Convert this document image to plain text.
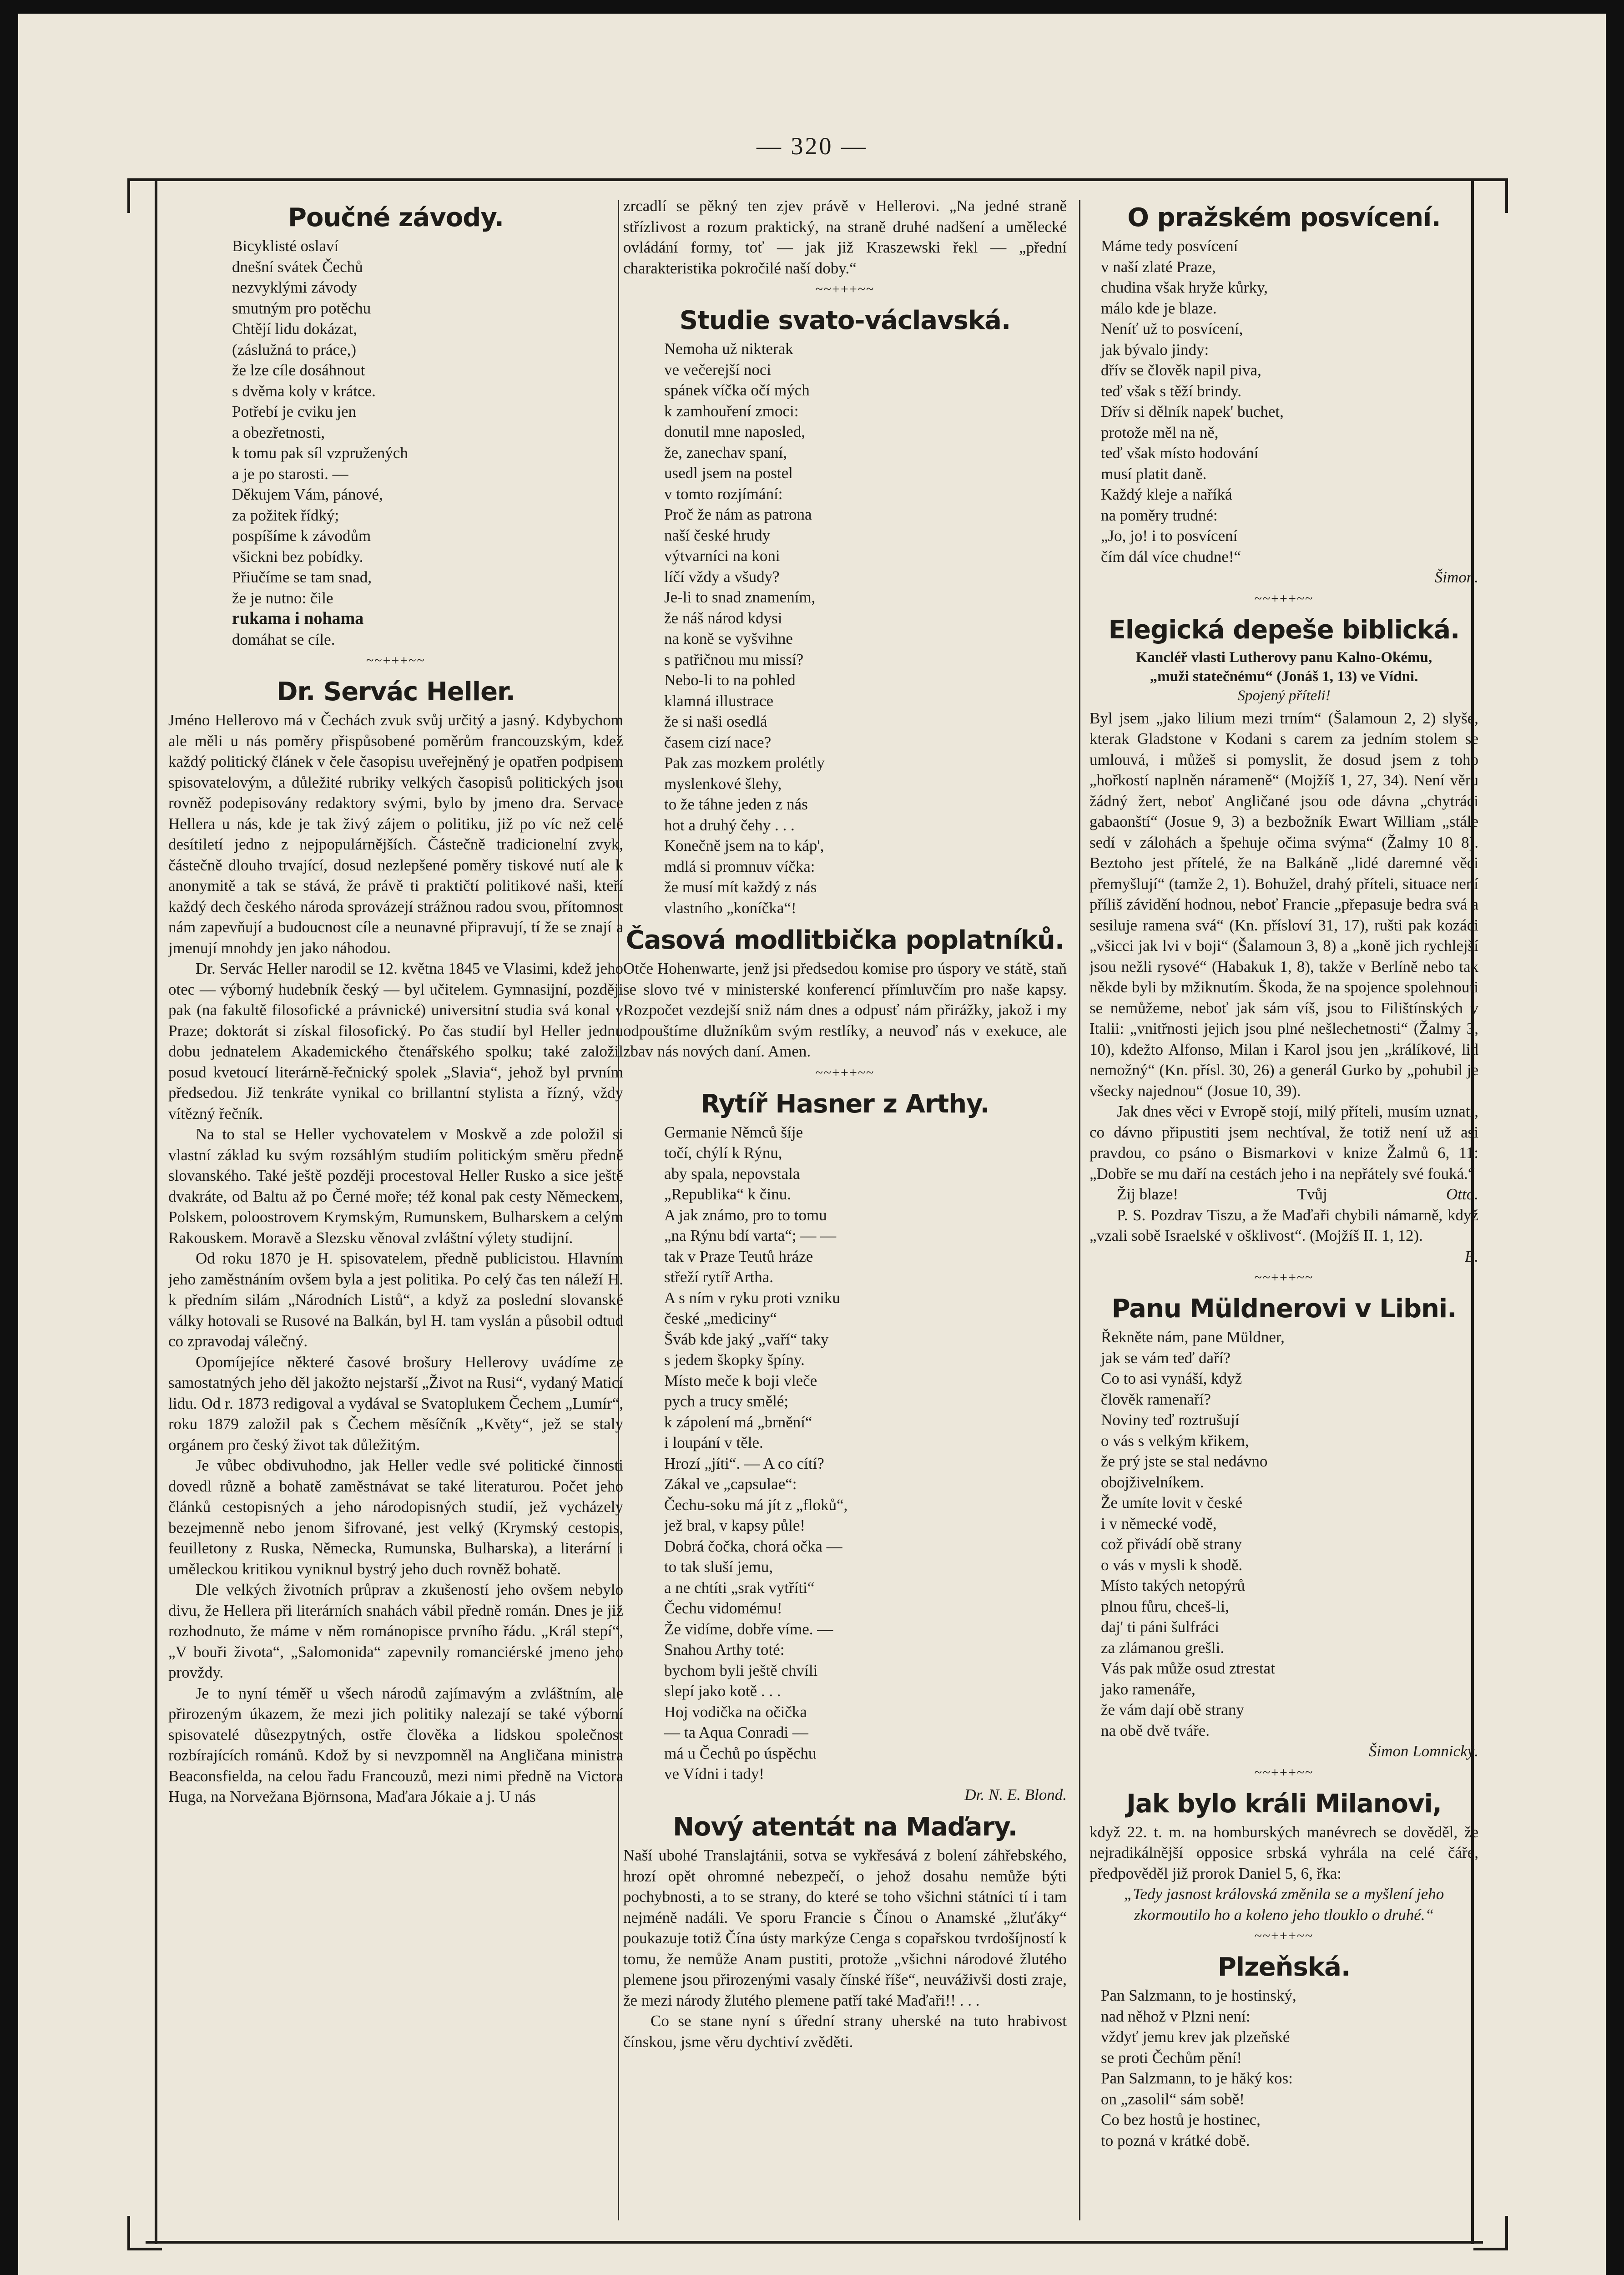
— 320 —
Poučné závody.

Bicyklisté oslaví

dnešní svátek Čechů

nezvyklými závody

smutným pro potěchu

Chtějí lidu dokázat,

(záslužná to práce,)

že lze cíle dosáhnout

s dvěma koly v krátce.

Potřebí je cviku jen

a obezřetnosti,

k tomu pak síl vzpružených

a je po starosti. —

Děkujem Vám, pánové,

za požitek řídký;

pospíšíme k závodům

všickni bez pobídky.

Přiučíme se tam snad,

že je nutno: čile

rukama i nohama

domáhat se cíle.

~~+++~~
Dr. Servác Heller.

Jméno Hellerovo má v Čechách zvuk svůj určitý a jasný. Kdybychom ale měli u nás poměry přispůsobené poměrům francouzským, kdež každý politický článek v čele časopisu uveřejněný je opatřen podpisem spisovatelovým, a důležité rubriky velkých časopisů politických jsou rovněž podepisovány redaktory svými, bylo by jmeno dra. Servace Hellera u nás, kde je tak živý zájem o politiku, již po víc než celé desítiletí jedno z nejpopulárnějších. Částečně tradicionelní zvyk, částečně dlouho trvající, dosud nezlepšené poměry tiskové nutí ale k anonymitě a tak se stává, že právě ti praktičtí politikové naši, kteří každý dech českého národa sprovázejí strážnou radou svou, přítomnost nám zapevňují a budoucnost cíle a neunavné připravují, tí že se znají a jmenují mnohdy jen jako náhodou.

Dr. Servác Heller narodil se 12. května 1845 ve Vlasimi, kdež jeho otec — výborný hudebník český — byl učitelem. Gymnasijní, později pak (na fakultě filosofické a právnické) universitní studia svá konal v Praze; doktorát si získal filosofický. Po čas studií byl Heller jednu dobu jednatelem Akademického čtenářského spolku; také založil posud kvetoucí literárně-řečnický spolek „Slavia“, jehož byl prvním předsedou. Již tenkráte vynikal co brillantní stylista a řízný, vždy vítězný řečník.

Na to stal se Heller vychovatelem v Moskvě a zde položil si vlastní základ ku svým rozsáhlým studiím politickým směru předně slovanského. Také ještě později procestoval Heller Rusko a sice ještě dvakráte, od Baltu až po Černé moře; též konal pak cesty Německem, Polskem, poloostrovem Krymským, Rumunskem, Bulharskem a celým Rakouskem. Moravě a Slezsku věnoval zvláštní výlety studijní.

Od roku 1870 je H. spisovatelem, předně publicistou. Hlavním jeho zaměstnáním ovšem byla a jest politika. Po celý čas ten náleží H. k předním silám „Národních Listů“, a když za poslední slovanské války hotovali se Rusové na Balkán, byl H. tam vyslán a působil odtud co zpravodaj válečný.

Opomíjejíce některé časové brošury Hellerovy uvádíme ze samostatných jeho děl jakožto nejstarší „Život na Rusi“, vydaný Maticí lidu. Od r. 1873 redigoval a vydával se Svatoplukem Čechem „Lumír“, roku 1879 založil pak s Čechem měsíčník „Květy“, jež se staly orgánem pro český život tak důležitým.

Je vůbec obdivuhodno, jak Heller vedle své politické činnosti dovedl různě a bohatě zaměstnávat se také literaturou. Počet jeho článků cestopisných a jeho národopisných studií, jež vycházely bezejmenně nebo jenom šifrované, jest velký (Krymský cestopis, feuilletony z Ruska, Německa, Rumunska, Bulharska), a literární i uměleckou kritikou vyniknul bystrý jeho duch rovněž bohatě.

Dle velkých životních průprav a zkušeností jeho ovšem nebylo divu, že Hellera při literárních snahách vábil předně román. Dnes je již rozhodnuto, že máme v něm románopisce prvního řádu. „Král stepí“, „V bouři života“, „Salomonida“ zapevnily romanciérské jmeno jeho provždy.

Je to nyní téměř u všech národů zajímavým a zvláštním, ale přirozeným úkazem, že mezi jich politiky nalezají se také výborní spisovatelé důsezpytných, ostře člověka a lidskou společnost rozbírajících románů. Kdož by si nevzpomněl na Angličana ministra Beaconsfielda, na celou řadu Francouzů, mezi nimi předně na Victora Huga, na Norvežana Björnsona, Maďara Jókaie a j. U nás

zrcadlí se pěkný ten zjev právě v Hellerovi. „Na jedné straně střízlivost a rozum praktický, na straně druhé nadšení a umělecké ovládání formy, toť — jak již Kraszewski řekl — „přední charakteristika pokročilé naší doby.“

~~+++~~
Studie svato-václavská.

Nemoha už nikterak

ve večerejší noci

spánek víčka očí mých

k zamhouření zmoci:

donutil mne naposled,

že, zanechav spaní,

usedl jsem na postel

v tomto rozjímání:

Proč že nám as patrona

naší české hrudy

výtvarníci na koni

líčí vždy a všudy?

Je-li to snad znamením,

že náš národ kdysi

na koně se vyšvihne

s patřičnou mu missí?

Nebo-li to na pohled

klamná illustrace

že si naši osedlá

časem cizí nace?

Pak zas mozkem prolétly

myslenkové šlehy,

to že táhne jeden z nás

hot a druhý čehy . . .

Konečně jsem na to káp',

mdlá si promnuv víčka:

že musí mít každý z nás

vlastního „koníčka“!

Časová modlitbička poplatníků.

Otče Hohenwarte, jenž jsi předsedou komise pro úspory ve státě, staň se slovo tvé v ministerské konferencí přímluvčím pro naše kapsy. Rozpočet vezdejší sniž nám dnes a odpusť nám přirážky, jakož i my odpouštíme dlužníkům svým restlíky, a neuvoď nás v exekuce, ale zbav nás nových daní. Amen.

~~+++~~
Rytíř Hasner z Arthy.

Germanie Němců šíje

točí, chýlí k Rýnu,

aby spala, nepovstala

„Republika“ k činu.

A jak známo, pro to tomu

„na Rýnu bdí varta“; — —

tak v Praze Teutů hráze

střeží rytíř Artha.

A s ním v ryku proti vzniku

české „mediciny“

Šváb kde jaký „vaří“ taky

s jedem škopky špíny.

Místo meče k boji vleče

pych a trucy smělé;

k zápolení má „brnění“

i loupání v těle.

Hrozí „jíti“. — A co cítí?

Zákal ve „capsulae“:

Čechu-soku má jít z „floků“,

jež bral, v kapsy půle!

Dobrá čočka, chorá očka —

to tak sluší jemu,

a ne chtíti „srak vytříti“

Čechu vidomému!

Že vidíme, dobře víme. —

Snahou Arthy toté:

bychom byli ještě chvíli

slepí jako kotě . . .

Hoj vodička na očička

— ta Aqua Conradi —

má u Čechů po úspěchu

ve Vídni i tady!

Dr. N. E. Blond.

Nový atentát na Maďary.

Naší ubohé Translajtánii, sotva se vykřesává z bolení záhřebského, hrozí opět ohromné nebezpečí, o jehož dosahu nemůže býti pochybnosti, a to se strany, do které se toho všichni státníci tí i tam nejméně nadáli. Ve sporu Francie s Čínou o Anamské „žluťáky“ poukazuje totiž Čína ústy markýze Cenga s copařskou tvrdošíjností k tomu, že nemůže Anam pustiti, protože „všichni národové žlutého plemene jsou přirozenými vasaly čínské říše“, neuváživši dosti zraje, že mezi národy žlutého plemene patří také Maďaři!! . . .

Co se stane nyní s úřední strany uherské na tuto hrabivost čínskou, jsme věru dychtiví zvěděti.

O pražském posvícení.

Máme tedy posvícení

v naší zlaté Praze,

chudina však hryže kůrky,

málo kde je blaze.

Neníť už to posvícení,

jak bývalo jindy:

dřív se člověk napil piva,

teď však s těží brindy.

Dřív si dělník napek' buchet,

protože měl na ně,

teď však místo hodování

musí platit daně.

Každý kleje a naříká

na poměry trudné:

„Jo, jo! i to posvícení

čím dál více chudne!“

Šimon.

~~+++~~
Elegická depeše biblická.

Kancléř vlasti Lutherovy panu Kalno-Okému,

„muži statečnému“ (Jonáš 1, 13) ve Vídni.

Spojený příteli!

Byl jsem „jako lilium mezi trním“ (Šalamoun 2, 2) slyše, kterak Gladstone v Kodani s carem za jedním stolem se umlouvá, i můžeš si pomyslit, že dosud jsem z toho „hořkostí naplněn nárameně“ (Mojžíš 1, 27, 34). Není věru žádný žert, neboť Angličané jsou ode dávna „chytráci gabaonští“ (Josue 9, 3) a bezbožník Ewart William „stále sedí v zálohách a špehuje očima svýma“ (Žalmy 10 8). Beztoho jest přítelé, že na Balkáně „lidé daremné věci přemyšlují“ (tamže 2, 1). Bohužel, drahý příteli, situace není příliš závidění hodnou, neboť Francie „přepasuje bedra svá a sesiluje ramena svá“ (Kn. přísloví 31, 17), rušti pak kozáci „všicci jak lvi v boji“ (Šalamoun 3, 8) a „koně jich rychlejší jsou nežli rysové“ (Habakuk 1, 8), takže v Berlíně nebo tak někde byli by mžiknutím. Škoda, že na spojence spolehnouti se nemůžeme, neboť jak sám víš, jsou to Filištínských v Italii: „vnitřnosti jejich jsou plné nešlechetnosti“ (Žalmy 3, 10), kdežto Alfonso, Milan i Karol jsou jen „králíkové, lid nemožný“ (Kn. přísl. 30, 26) a generál Gurko by „pohubil je všecky najednou“ (Josue 10, 39).

Jak dnes věci v Evropě stojí, milý příteli, musím uznati, co dávno připustiti jsem nechtíval, že totiž není už asi pravdou, co psáno o Bismarkovi v knize Žalmů 6, 11: „Dobře se mu daří na cestách jeho i na nepřátely své fouká.“

Žij blaze!	Tvůj	Otto.

P. S. Pozdrav Tiszu, a že Maďaři chybili námarně, když „vzali sobě Israelské v ošklivost“. (Mojžíš II. 1, 12).

B.

~~+++~~
Panu Müldnerovi v Libni.

Řekněte nám, pane Müldner,

jak se vám teď daří?

Co to asi vynáší, když

člověk ramenaří?

Noviny teď roztrušují

o vás s velkým křikem,

že prý jste se stal nedávno

obojživelníkem.

Že umíte lovit v české

i v německé vodě,

což přivádí obě strany

o vás v mysli k shodě.

Místo takých netopýrů

plnou fůru, chceš-li,

daj' ti páni šulfráci

za zlámanou grešli.

Vás pak může osud ztrestat

jako ramenáře,

že vám dají obě strany

na obě dvě tváře.

Šimon Lomnický.

~~+++~~
Jak bylo králi Milanovi,

když 22. t. m. na homburských manévrech se dověděl, že nejradikálnější opposice srbská vyhrála na celé čáře, předpověděl již prorok Daniel 5, 6, řka:

„Tedy jasnost královská změnila se a myšlení jeho zkormoutilo ho a koleno jeho tlouklo o druhé.“

~~+++~~
Plzeňská.

Pan Salzmann, to je hostinský,

nad něhož v Plzni není:

vždyť jemu krev jak plzeňské

se proti Čechům pění!

Pan Salzmann, to je hăký kos:

on „zasolil“ sám sobě!

Co bez hostů je hostinec,

to pozná v krátké době.
